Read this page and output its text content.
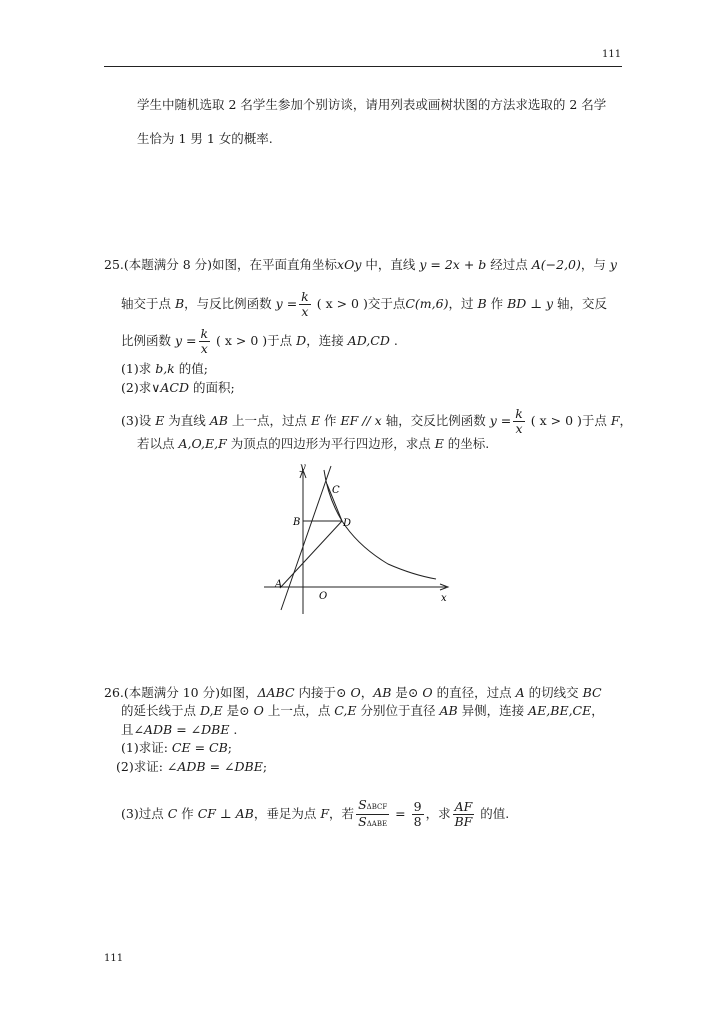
111
学生中随机选取 2 名学生参加个别访谈，请用列表或画树状图的方法求选取的 2 名学
生恰为 1 男 1 女的概率.
25.(本题满分 8 分)如图，在平面直角坐标xOy 中，直线 y = 2x + b 经过点 A(−2,0)，与 y
轴交于点 B，与反比例函数 $y = \frac{k}{x}$ ( x > 0 )交于点C(m,6)，过 B 作 BD ⊥ y 轴，交反
比例函数 $y = \frac{k}{x}$ ( x > 0 )于点 D，连接 AD,CD .
(1)求 b,k 的值;
(2)求∨ACD 的面积;
(3)设 E 为直线 AB 上一点，过点 E 作 EF // x 轴，交反比例函数 $y = \frac{k}{x}$ ( x > 0 )于点 F，
若以点 A,O,E,F 为顶点的四边形为平行四边形，求点 E 的坐标.
y
x
C
B	D
A
O
26.(本题满分 10 分)如图，ΔABC 内接于⊙ O，AB 是⊙ O 的直径，过点 A 的切线交 BC
的延长线于点 D,E 是⊙ O 上一点，点 C,E 分别位于直径 AB 异侧，连接 AE,BE,CE，
且∠ADB = ∠DBE .
(1)求证: CE = CB;
(2)求证: ∠ADB = ∠DBE;
(3)过点 C 作 CF ⊥ AB，垂足为点 F，若 $\frac{\text{SΔBCF}}{\text{SΔABE}} = \frac{9}{8}$ ，求 $\frac{AF}{BF}$ 的值.
111
